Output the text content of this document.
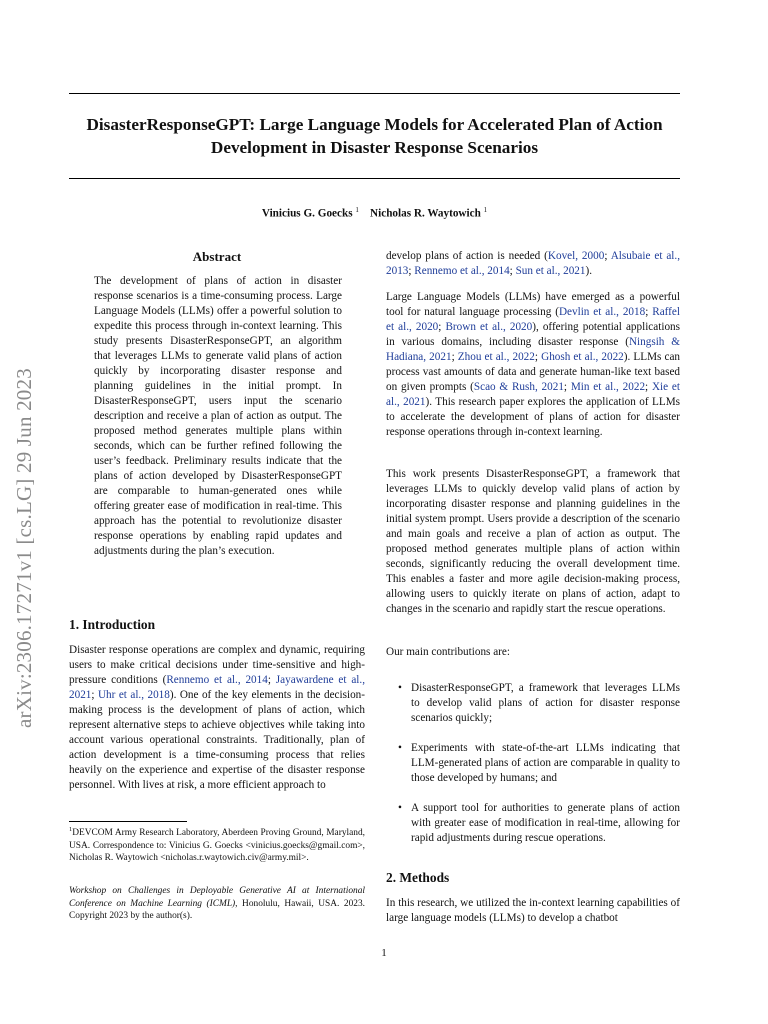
DisasterResponseGPT: Large Language Models for Accelerated Plan of Action
Development in Disaster Response Scenarios
Vinicius G. Goecks $^1$ Nicholas R. Waytowich $^1$
arXiv:2306.17271v1 [cs.LG] 29 Jun 2023
Abstract

The development of plans of action in disaster response scenarios is a time-consuming process. Large Language Models (LLMs) offer a powerful solution to expedite this process through in-context learning. This study presents DisasterResponseGPT, an algorithm that leverages LLMs to generate valid plans of action quickly by incorporating disaster response and planning guidelines in the initial prompt. In DisasterResponseGPT, users input the scenario description and receive a plan of action as output. The proposed method generates multiple plans within seconds, which can be further refined following the user’s feedback. Preliminary results indicate that the plans of action developed by DisasterResponseGPT are comparable to human-generated ones while offering greater ease of modification in real-time. This approach has the potential to revolutionize disaster response operations by enabling rapid updates and adjustments during the plan’s execution.

1. Introduction

Disaster response operations are complex and dynamic, requiring users to make critical decisions under time-sensitive and high-pressure conditions (Rennemo et al., 2014; Jayawardene et al., 2021; Uhr et al., 2018). One of the key elements in the decision-making process is the development of plans of action, which represent alternative steps to achieve objectives while taking into account various operational constraints. Traditionally, plan of action development is a time-consuming process that relies heavily on the experience and expertise of the disaster response personnel. With lives at risk, a more efficient approach to

$^1$DEVCOM Army Research Laboratory, Aberdeen Proving Ground, Maryland, USA. Correspondence to: Vinicius G. Goecks <vinicius.goecks@gmail.com>, Nicholas R. Waytowich <nicholas.r.waytowich.civ@army.mil>.

Workshop on Challenges in Deployable Generative AI at International Conference on Machine Learning (ICML), Honolulu, Hawaii, USA. 2023. Copyright 2023 by the author(s).

develop plans of action is needed (Kovel, 2000; Alsubaie et al., 2013; Rennemo et al., 2014; Sun et al., 2021).

Large Language Models (LLMs) have emerged as a powerful tool for natural language processing (Devlin et al., 2018; Raffel et al., 2020; Brown et al., 2020), offering potential applications in various domains, including disaster response (Ningsih & Hadiana, 2021; Zhou et al., 2022; Ghosh et al., 2022). LLMs can process vast amounts of data and generate human-like text based on given prompts (Scao & Rush, 2021; Min et al., 2022; Xie et al., 2021). This research paper explores the application of LLMs to accelerate the development of plans of action for disaster response operations through in-context learning.

This work presents DisasterResponseGPT, a framework that leverages LLMs to quickly develop valid plans of action by incorporating disaster response and planning guidelines in the initial system prompt. Users provide a description of the scenario and main goals and receive a plan of action as output. The proposed method generates multiple plans of action within seconds, significantly reducing the overall development time. This enables a faster and more agile decision-making process, allowing users to quickly iterate on plans of action, adapt to changes in the scenario and rapidly start the rescue operations.

Our main contributions are:

• DisasterResponseGPT, a framework that leverages LLMs to develop valid plans of action for disaster response scenarios quickly;
• Experiments with state-of-the-art LLMs indicating that LLM-generated plans of action are comparable in quality to those developed by humans; and
• A support tool for authorities to generate plans of action with greater ease of modification in real-time, allowing for rapid adjustments during rescue operations.
2. Methods

In this research, we utilized the in-context learning capabilities of large language models (LLMs) to develop a chatbot

1
